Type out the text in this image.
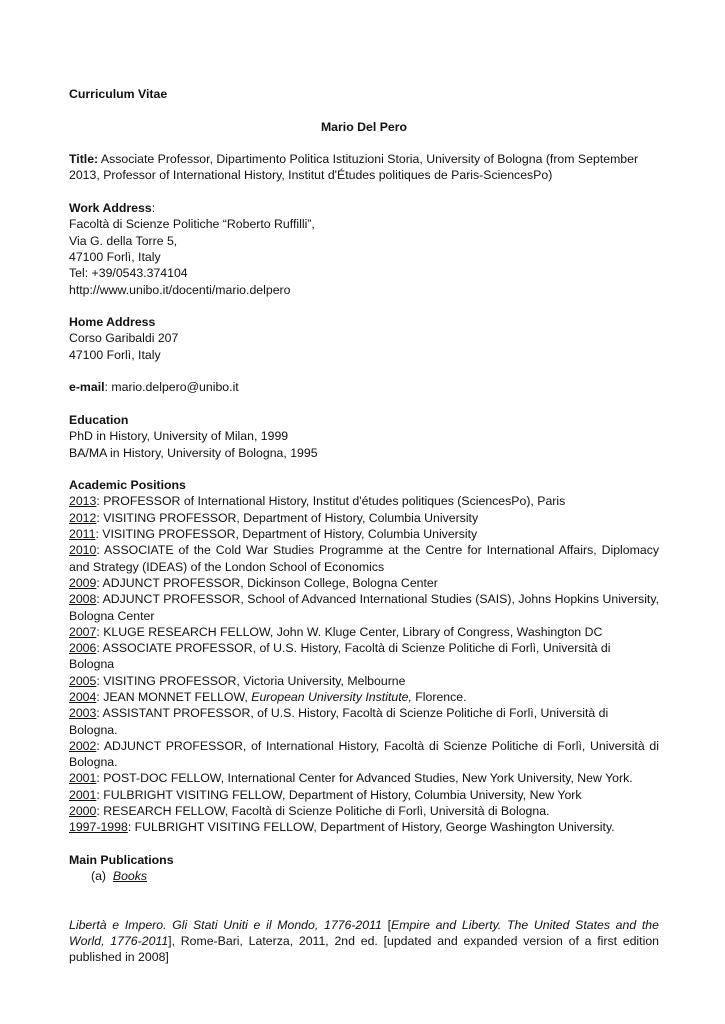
Curriculum Vitae
Mario Del Pero
Title: Associate Professor, Dipartimento Politica Istituzioni Storia, University of Bologna (from September 2013, Professor of International History, Institut d'Études politiques de Paris-SciencesPo)
Work Address:
Facoltà di Scienze Politiche “Roberto Ruffilli”,
Via G. della Torre 5,
47100 Forlì, Italy
Tel: +39/0543.374104
http://www.unibo.it/docenti/mario.delpero
Home Address
Corso Garibaldi 207
47100 Forlì, Italy
e-mail: mario.delpero@unibo.it
Education
PhD in History, University of Milan, 1999
BA/MA in History, University of Bologna, 1995
Academic Positions
2013: PROFESSOR of International History, Institut d'études politiques (SciencesPo), Paris
2012: VISITING PROFESSOR, Department of History, Columbia University
2011: VISITING PROFESSOR, Department of History, Columbia University
2010: ASSOCIATE of the Cold War Studies Programme at the Centre for International Affairs, Diplomacy and Strategy (IDEAS) of the London School of Economics
2009: ADJUNCT PROFESSOR, Dickinson College, Bologna Center
2008: ADJUNCT PROFESSOR, School of Advanced International Studies (SAIS), Johns Hopkins University, Bologna Center
2007: KLUGE RESEARCH FELLOW, John W. Kluge Center, Library of Congress, Washington DC
2006: ASSOCIATE PROFESSOR, of U.S. History, Facoltà di Scienze Politiche di Forlì, Università di Bologna
2005: VISITING PROFESSOR, Victoria University, Melbourne
2004: JEAN MONNET FELLOW, European University Institute, Florence.
2003: ASSISTANT PROFESSOR, of U.S. History, Facoltà di Scienze Politiche di Forlì, Università di Bologna.
2002: ADJUNCT PROFESSOR, of International History, Facoltà di Scienze Politiche di Forlì, Università di Bologna.
2001: POST-DOC FELLOW, International Center for Advanced Studies, New York University, New York.
2001: FULBRIGHT VISITING FELLOW, Department of History, Columbia University, New York
2000: RESEARCH FELLOW, Facoltà di Scienze Politiche di Forlì, Università di Bologna.
1997-1998: FULBRIGHT VISITING FELLOW, Department of History, George Washington University.
Main Publications
(a) Books
Libertà e Impero. Gli Stati Uniti e il Mondo, 1776-2011 [Empire and Liberty. The United States and the World, 1776-2011], Rome-Bari, Laterza, 2011, 2nd ed. [updated and expanded version of a first edition published in 2008]
